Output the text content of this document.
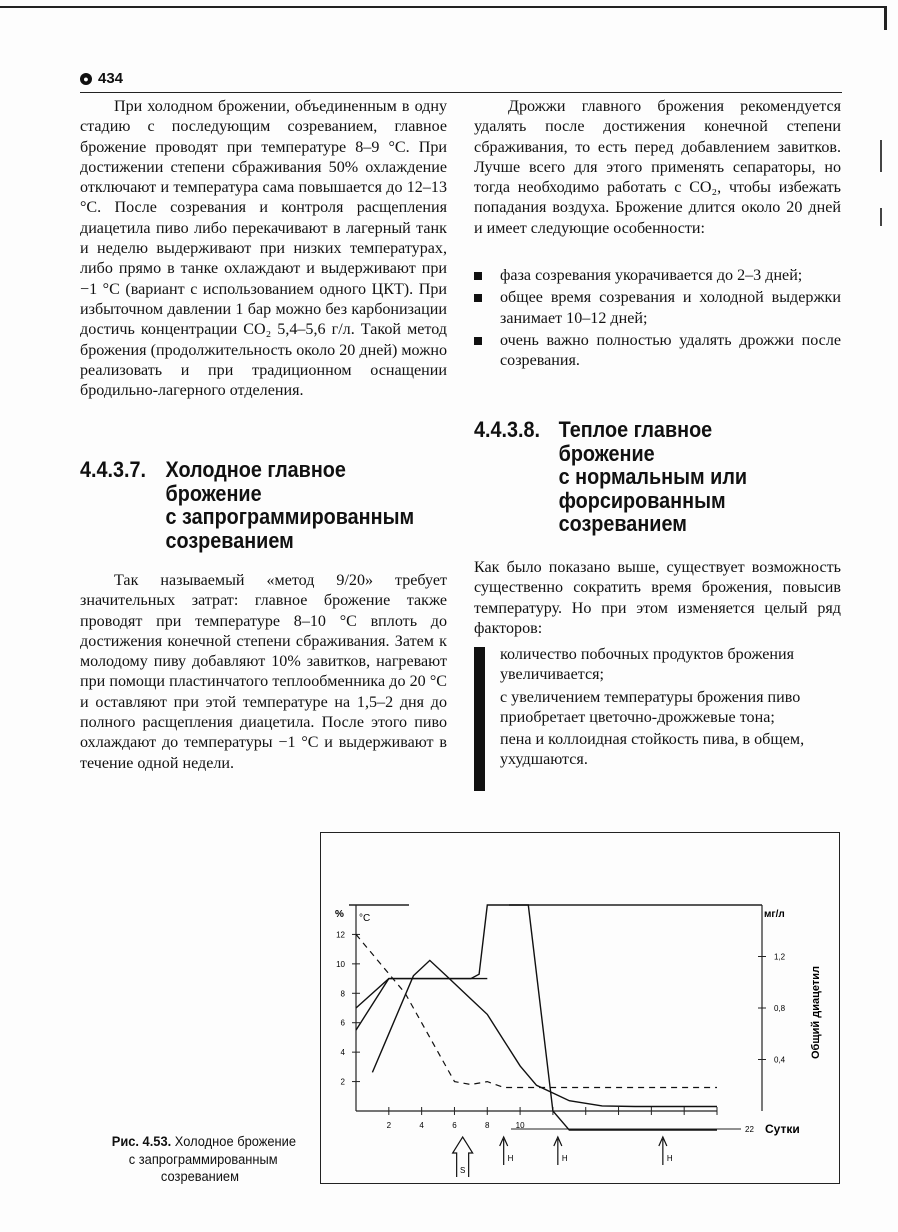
● 434

При холодном брожении, объединенным в одну стадию с последующим созреванием, главное брожение проводят при температуре 8–9 °С. При достижении степени сбраживания 50% охлаждение отключают и температура сама повышается до 12–13 °С. После созревания и контроля расщепления диацетила пиво либо перекачивают в лагерный танк и неделю выдерживают при низких температурах, либо прямо в танке охлаждают и выдерживают при −1 °С (вариант с использованием одного ЦКТ). При избыточном давлении 1 бар можно без карбонизации достичь концентрации СО₂ 5,4–5,6 г/л. Такой метод брожения (продолжительность около 20 дней) можно реализовать и при традиционном оснащении бродильно-лагерного отделения.

4.4.3.7. Холодное главное
брожение
с запрограммированным
созреванием

Так называемый «метод 9/20» требует значительных затрат: главное брожение также проводят при температуре 8–10 °С вплоть до достижения конечной степени сбраживания. Затем к молодому пиву добавляют 10% завитков, нагревают при помощи пластинчатого теплообменника до 20 °С и оставляют при этой температуре на 1,5–2 дня до полного расщепления диацетила. После этого пиво охлаждают до температуры −1 °С и выдерживают в течение одной недели.

Дрожжи главного брожения рекомендуется удалять после достижения конечной степени сбраживания, то есть перед добавлением завитков. Лучше всего для этого применять сепараторы, но тогда необходимо работать с СО₂, чтобы избежать попадания воздуха. Брожение длится около 20 дней и имеет следующие особенности:

фаза созревания укорачивается до 2–3 дней;
общее время созревания и холодной выдержки занимает 10–12 дней;
очень важно полностью удалять дрожжи после созревания.
4.4.3.8. Теплое главное
брожение
с нормальным или
форсированным
созреванием

Как было показано выше, существует возможность существенно сократить время брожения, повысив температуру. Но при этом изменяется целый ряд факторов:

количество побочных продуктов брожения увеличивается;

с увеличением температуры брожения пиво приобретает цветочно-дрожжевые тона;

пена и коллоидная стойкость пива, в общем, ухудшаются.

Рис. 4.53. Холодное брожение
с запрограммированным
созреванием
12
10
8
6
4
2
% °С
1,2
0,8
0,4
мг/л
Общий диацетил
2	4	6	8	10	22 Сутки
S
H	H	H
